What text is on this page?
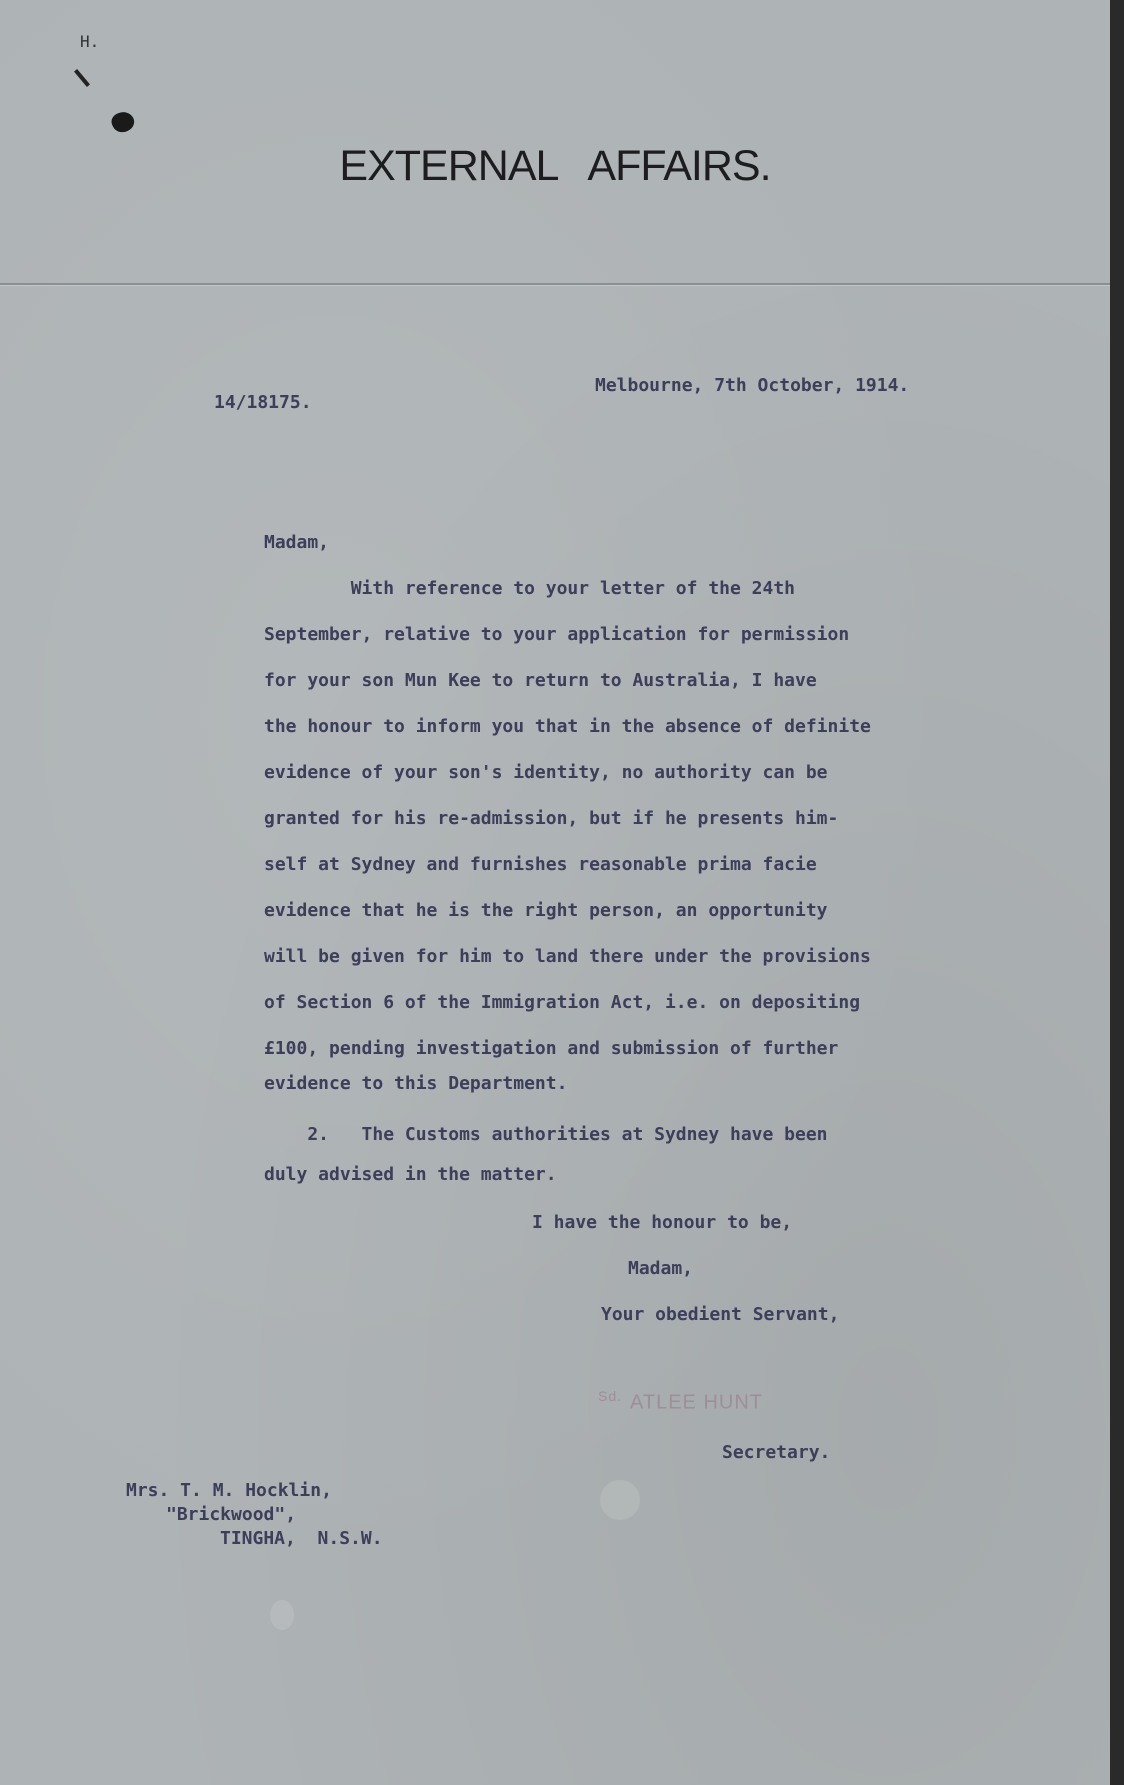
H.
EXTERNAL AFFAIRS.
14/18175.
Melbourne, 7th October, 1914.
Madam,
With reference to your letter of the 24th
September, relative to your application for permission
for your son Mun Kee to return to Australia, I have
the honour to inform you that in the absence of definite
evidence of your son's identity, no authority can be
granted for his re-admission, but if he presents him-
self at Sydney and furnishes reasonable prima facie
evidence that he is the right person, an opportunity
will be given for him to land there under the provisions
of Section 6 of the Immigration Act, i.e. on depositing
£100, pending investigation and submission of further
evidence to this Department.
2.   The Customs authorities at Sydney have been
duly advised in the matter.
I have the honour to be,
Madam,
Your obedient Servant,
$^{Sd.}$ ATLEE HUNT
Secretary.
Mrs. T. M. Hocklin,
"Brickwood",
TINGHA,  N.S.W.
